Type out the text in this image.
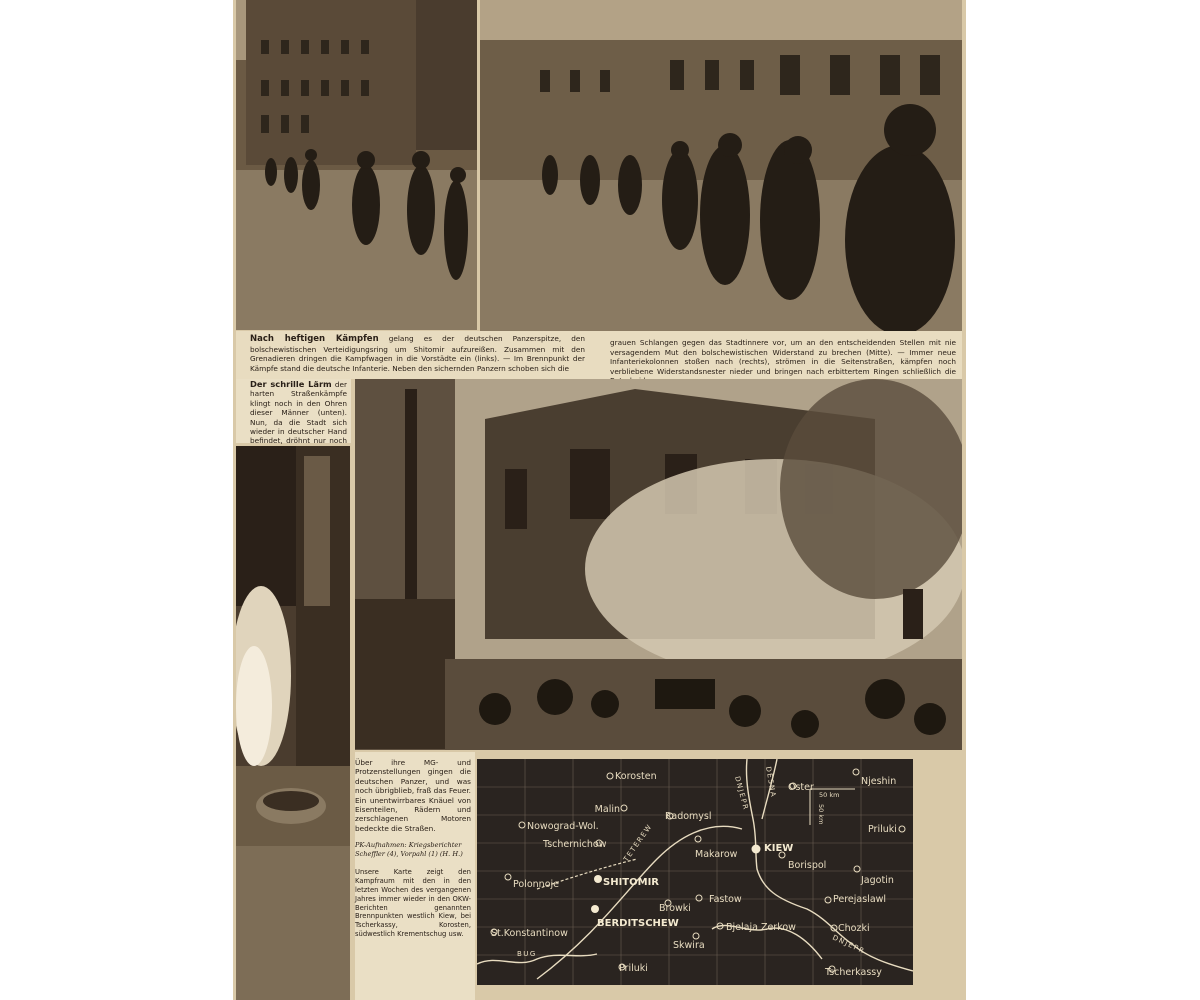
Nach heftigen Kämpfen gelang es der deutschen Panzerspitze, den bolschewistischen Verteidigungsring um Shitomir aufzureißen. Zusammen mit den Grenadieren dringen die Kampfwagen in die Vorstädte ein (links). — Im Brennpunkt der Kämpfe stand die deutsche Infanterie. Neben den sichernden Panzern schoben sich die
grauen Schlangen gegen das Stadtinnere vor, um an den entscheidenden Stellen mit nie versagendem Mut den bolschewistischen Widerstand zu brechen (Mitte). — Immer neue Infanteriekolonnen stoßen nach (rechts), strömen in die Seitenstraßen, kämpfen noch verbliebene Widerstandsnester nieder und bringen nach erbittertem Ringen schließlich die
Der schrille Lärm der harten Straßenkämpfe klingt noch in den Ohren dieser Männer (unten). Nun, da die Stadt sich wieder in deutscher Hand befindet, dröhnt nur noch
Über ihre MG- und Protzenstellungen gingen die deutschen Panzer, und was noch übrigblieb, fraß das Feuer. Ein unentwirrbares Knäuel von Eisenteilen, Rädern und zerschlagenen Motoren bedeckte die Straßen.
PK-Aufnahmen: Kriegsberichter Scheffler (4), Vorpahl (1) (H. H.)
Unsere Karte zeigt den Kampfraum mit den in den letzten Wochen des vergangenen Jahres immer wieder in den OKW-Berichten genannten Brennpunkten westlich Kiew, bei Tscherkassy, Korosten, südwestlich Krementschug usw.
Korosten
Malin
Nowograd-Wol.
Radomysl
Tschernichow
Makarow
KIEW
Oster
Njeshin
Priluki
Borispol
Jagotin
Polonnoje	SHITOMIR
Browki
Fastow	Perejaslawl
BERDITSCHEW
St.Konstantinow
Skwira
Bjelaja Zerkow	Chozki
Priluki	Tscherkassy
DNJEPR DESNA
TETEREW
BUG	DNJEPR
50 km
50 km
